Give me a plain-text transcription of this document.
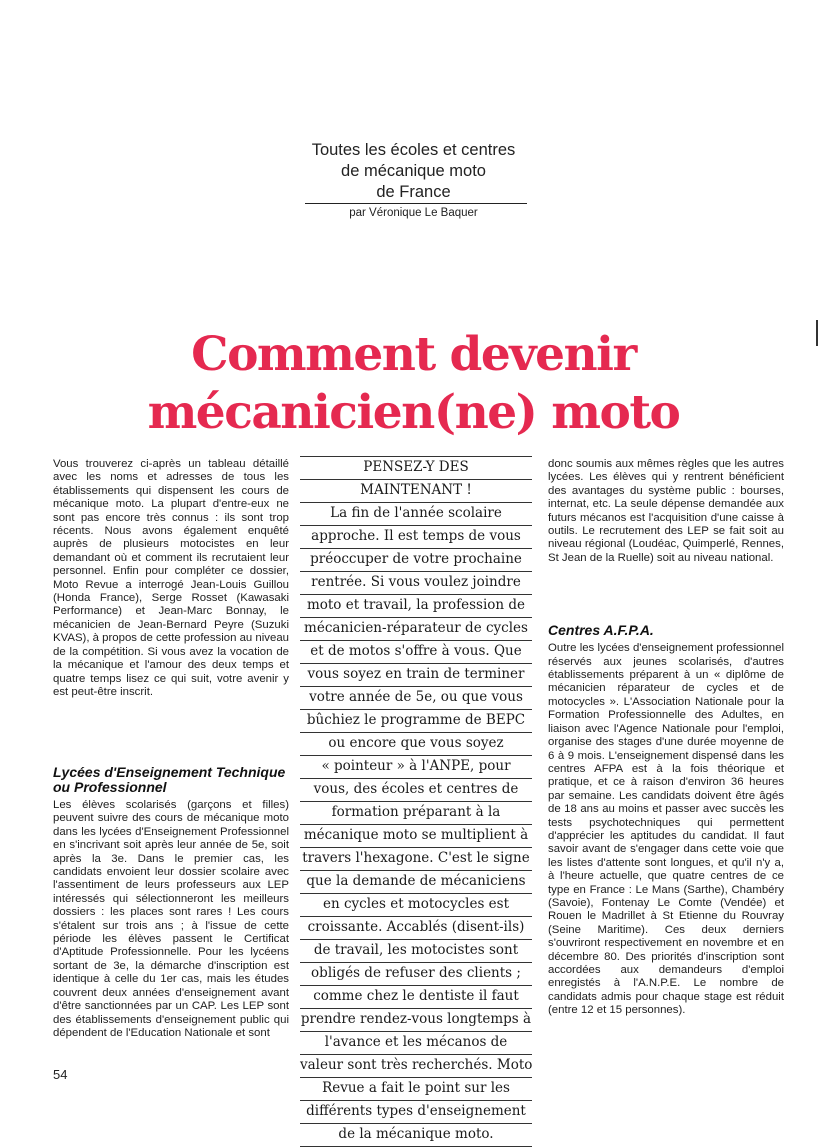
Toutes les écoles et centres
de mécanique moto
de France
par Véronique Le Baquer
Comment devenir
mécanicien(ne) moto

Vous trouverez ci-après un tableau détaillé avec les noms et adresses de tous les établissements qui dispensent les cours de mécanique moto. La plupart d'entre-eux ne sont pas encore très connus : ils sont trop récents. Nous avons également enquêté auprès de plusieurs motocistes en leur demandant où et comment ils recrutaient leur personnel. Enfin pour compléter ce dossier, Moto Revue a interrogé Jean-Louis Guillou (Honda France), Serge Rosset (Kawasaki Performance) et Jean-Marc Bonnay, le mécanicien de Jean-Bernard Peyre (Suzuki KVAS), à propos de cette profession au niveau de la compétition. Si vous avez la vocation de la mécanique et l'amour des deux temps et quatre temps lisez ce qui suit, votre avenir y est peut-être inscrit.

Lycées d'Enseignement Technique ou Professionnel

Les élèves scolarisés (garçons et filles) peuvent suivre des cours de mécanique moto dans les lycées d'Enseignement Professionnel en s'incrivant soit après leur année de 5e, soit après la 3e. Dans le premier cas, les candidats envoient leur dossier scolaire avec l'assentiment de leurs professeurs aux LEP intéressés qui sélectionneront les meilleurs dossiers : les places sont rares ! Les cours s'étalent sur trois ans ; à l'issue de cette période les élèves passent le Certificat d'Aptitude Professionnelle. Pour les lycéens sortant de 3e, la démarche d'inscription est identique à celle du 1er cas, mais les études couvrent deux années d'enseignement avant d'être sanctionnées par un CAP. Les LEP sont des établissements d'enseignement public qui dépendent de l'Education Nationale et sont

PENSEZ-Y DES
MAINTENANT !
La fin de l'année scolaire
approche. Il est temps de vous
préoccuper de votre prochaine
rentrée. Si vous voulez joindre
moto et travail, la profession de
mécanicien-réparateur de cycles
et de motos s'offre à vous. Que
vous soyez en train de terminer
votre année de 5e, ou que vous
bûchiez le programme de BEPC
ou encore que vous soyez
« pointeur » à l'ANPE, pour
vous, des écoles et centres de
formation préparant à la
mécanique moto se multiplient à
travers l'hexagone. C'est le signe
que la demande de mécaniciens
en cycles et motocycles est
croissante. Accablés (disent-ils)
de travail, les motocistes sont
obligés de refuser des clients ;
comme chez le dentiste il faut
prendre rendez-vous longtemps à
l'avance et les mécanos de
valeur sont très recherchés. Moto
Revue a fait le point sur les
différents types d'enseignement
de la mécanique moto.

donc soumis aux mêmes règles que les autres lycées. Les élèves qui y rentrent bénéficient des avantages du système public : bourses, internat, etc. La seule dépense demandée aux futurs mécanos est l'acquisition d'une caisse à outils. Le recrutement des LEP se fait soit au niveau régional (Loudéac, Quimperlé, Rennes, St Jean de la Ruelle) soit au niveau national.

Centres A.F.P.A.

Outre les lycées d'enseignement professionnel réservés aux jeunes scolarisés, d'autres établissements préparent à un « diplôme de mécanicien réparateur de cycles et de motocycles ». L'Association Nationale pour la Formation Professionnelle des Adultes, en liaison avec l'Agence Nationale pour l'emploi, organise des stages d'une durée moyenne de 6 à 9 mois. L'enseignement dispensé dans les centres AFPA est à la fois théorique et pratique, et ce à raison d'environ 36 heures par semaine. Les candidats doivent être âgés de 18 ans au moins et passer avec succès les tests psychotechniques qui permettent d'apprécier les aptitudes du candidat. Il faut savoir avant de s'engager dans cette voie que les listes d'attente sont longues, et qu'il n'y a, à l'heure actuelle, que quatre centres de ce type en France : Le Mans (Sarthe), Chambéry (Savoie), Fontenay Le Comte (Vendée) et Rouen le Madrillet à St Etienne du Rouvray (Seine Maritime). Ces deux derniers s'ouvriront respectivement en novembre et en décembre 80. Des priorités d'inscription sont accordées aux demandeurs d'emploi enregistés à l'A.N.P.E. Le nombre de candidats admis pour chaque stage est réduit (entre 12 et 15 personnes).

54
